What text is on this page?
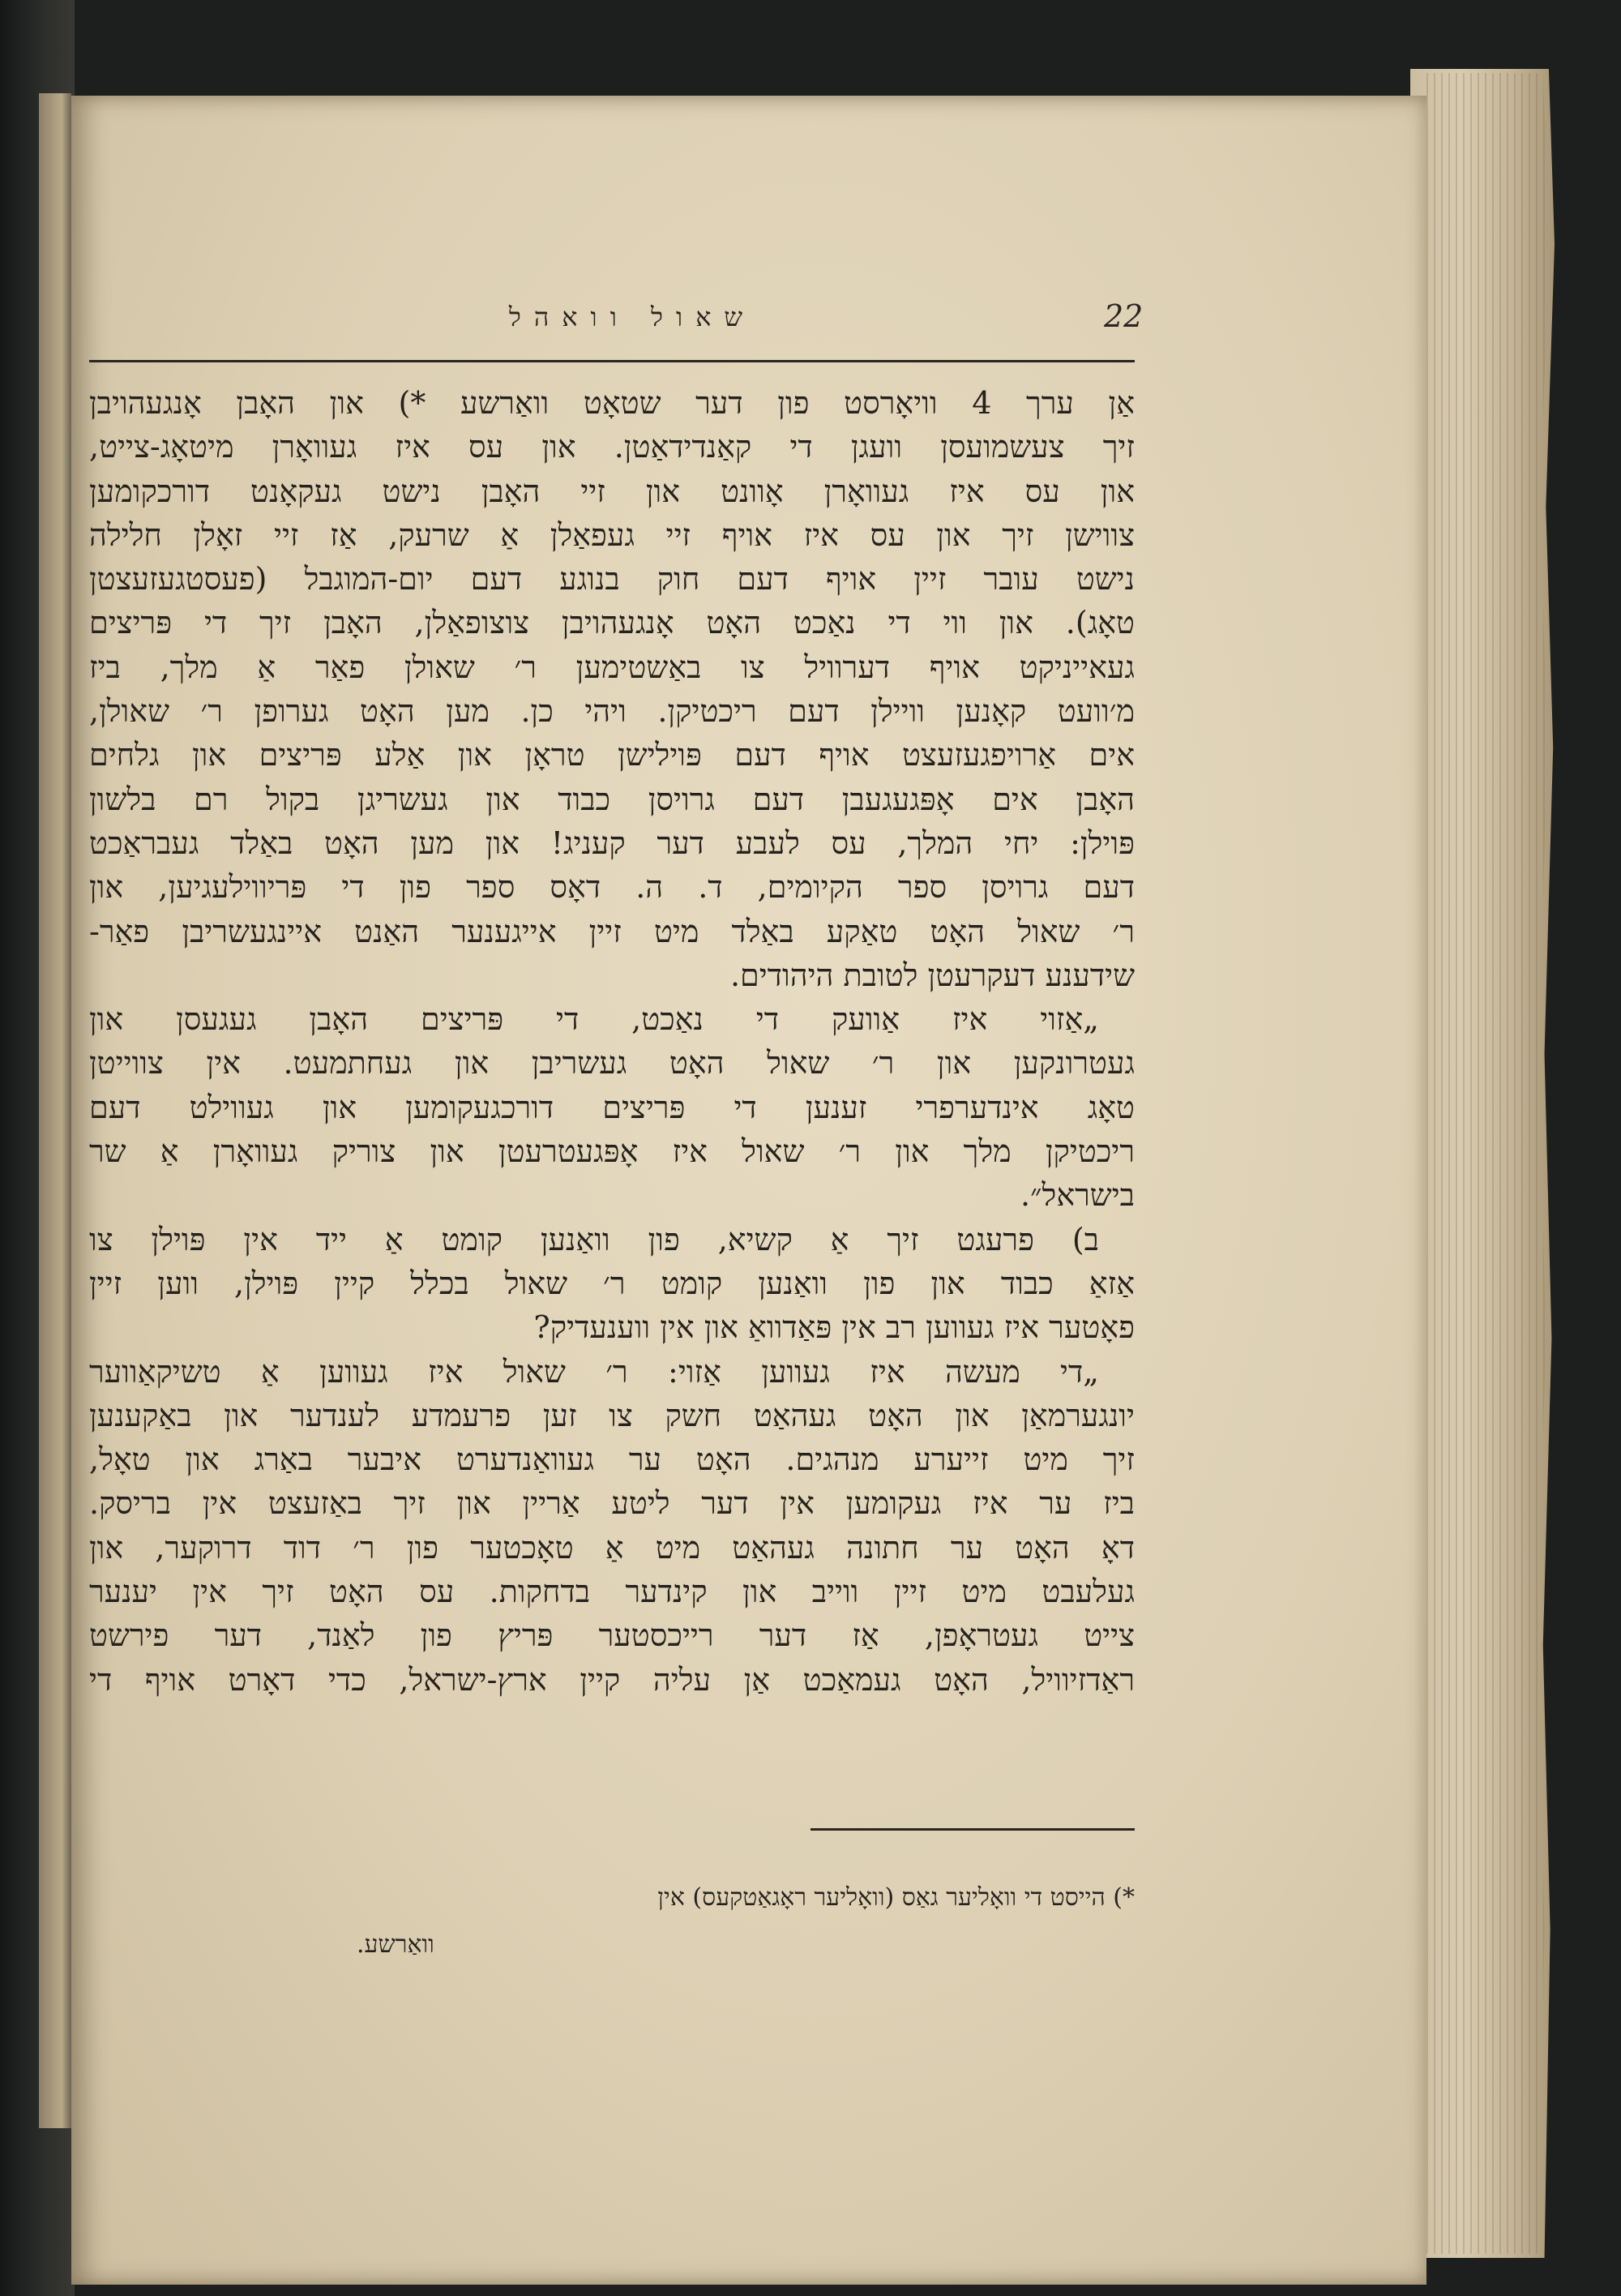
22
שאול וואהל
אַן ערך 4 וויאָרסט פון דער שטאָט וואַרשע *) און האָבן אָנגעהויבן
זיך צעשמועסן וועגן די קאַנדידאַטן. און עס איז געוואָרן מיטאָג-צייט,
און עס איז געוואָרן אָוונט און זיי האָבן נישט געקאָנט דורכקומען
צווישן זיך און עס איז אויף זיי געפאַלן אַ שרעק, אַז זיי זאָלן חלילה
נישט עובר זיין אויף דעם חוק בנוגע דעם יום-המוגבל (פעסטגעזעצטן
טאָג). און ווי די נאַכט האָט אָנגעהויבן צוצופאַלן, האָבן זיך די פּריצים
געאייניקט אויף דערוויל צו באַשטימען ר׳ שאולן פאַר אַ מלך, ביז
מ׳וועט קאָנען וויילן דעם ריכטיקן. ויהי כן. מען האָט גערופן ר׳ שאולן,
אים אַרויפגעזעצט אויף דעם פּוילישן טראָן און אַלע פּריצים און גלחים
האָבן אים אָפּגעגעבן דעם גרויסן כבוד און געשריגן בקול רם בלשון
פּוילן: יחי המלך, עס לעבע דער קעניג! און מען האָט באַלד געבראַכט
דעם גרויסן ספר הקיומים, ד. ה. דאָס ספר פון די פּריווילעגיען, און
ר׳ שאול האָט טאַקע באַלד מיט זיין אייגענער האַנט איינגעשריבן פאַר-
שידענע דעקרעטן לטובת היהודים.
„אַזוי איז אַוועק די נאַכט, די פּריצים האָבן געגעסן און
געטרונקען און ר׳ שאול האָט געשריבן און געחתמעט. אין צווייטן
טאָג אינדערפרי זענען די פּריצים דורכגעקומען און געווילט דעם
ריכטיקן מלך און ר׳ שאול איז אָפּגעטרעטן און צוריק געוואָרן אַ שר
בישראל״.
ב) פרעגט זיך אַ קשיא, פון וואַנען קומט אַ ייד אין פּוילן צו
אַזאַ כבוד און פון וואַנען קומט ר׳ שאול בכלל קיין פּוילן, ווען זיין
פאָטער איז געווען רב אין פּאַדוואַ און אין ווענעדיק?
„די מעשה איז געווען אַזוי: ר׳ שאול איז געווען אַ טשיקאַווער
יונגערמאַן און האָט געהאַט חשק צו זען פרעמדע לענדער און באַקענען
זיך מיט זייערע מנהגים. האָט ער געוואַנדערט איבער באַרג און טאָל,
ביז ער איז געקומען אין דער ליטע אַריין און זיך באַזעצט אין בריסק.
דאָ האָט ער חתונה געהאַט מיט אַ טאָכטער פון ר׳ דוד דרוקער, און
געלעבט מיט זיין ווייב און קינדער בדחקות. עס האָט זיך אין יענער
צייט געטראָפן, אַז דער רייכסטער פּריץ פון לאַנד, דער פירשט
ראַדזיוויל, האָט געמאַכט אַן עליה קיין ארץ-ישראל, כדי דאָרט אויף די
*) הייסט די וואָליער גאַס (וואָליער ראָגאַטקעס) אין
וואַרשע.
